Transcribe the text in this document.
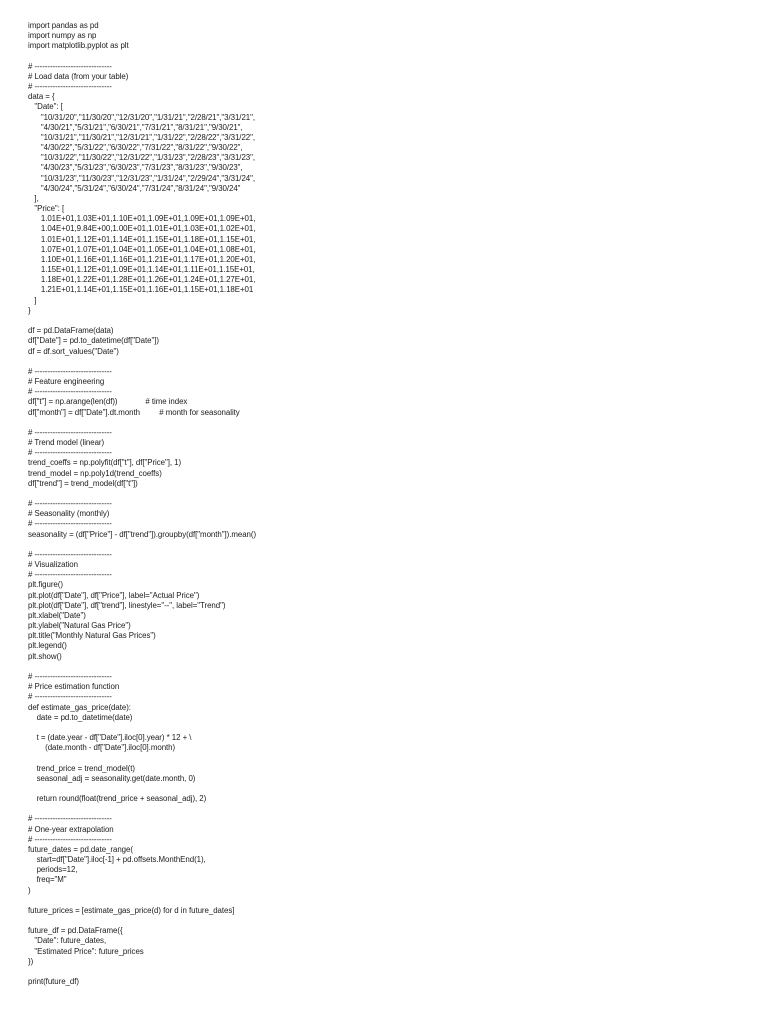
import pandas as pd
import numpy as np
import matplotlib.pyplot as plt
# ------------------------------
# Load data (from your table)
# ------------------------------
data = {
"Date": [
"10/31/20","11/30/20","12/31/20","1/31/21","2/28/21","3/31/21",
"4/30/21","5/31/21","6/30/21","7/31/21","8/31/21","9/30/21",
"10/31/21","11/30/21","12/31/21","1/31/22","2/28/22","3/31/22",
"4/30/22","5/31/22","6/30/22","7/31/22","8/31/22","9/30/22",
"10/31/22","11/30/22","12/31/22","1/31/23","2/28/23","3/31/23",
"4/30/23","5/31/23","6/30/23","7/31/23","8/31/23","9/30/23",
"10/31/23","11/30/23","12/31/23","1/31/24","2/29/24","3/31/24",
"4/30/24","5/31/24","6/30/24","7/31/24","8/31/24","9/30/24"
],
"Price": [
1.01E+01,1.03E+01,1.10E+01,1.09E+01,1.09E+01,1.09E+01,
1.04E+01,9.84E+00,1.00E+01,1.01E+01,1.03E+01,1.02E+01,
1.01E+01,1.12E+01,1.14E+01,1.15E+01,1.18E+01,1.15E+01,
1.07E+01,1.07E+01,1.04E+01,1.05E+01,1.04E+01,1.08E+01,
1.10E+01,1.16E+01,1.16E+01,1.21E+01,1.17E+01,1.20E+01,
1.15E+01,1.12E+01,1.09E+01,1.14E+01,1.11E+01,1.15E+01,
1.18E+01,1.22E+01,1.28E+01,1.26E+01,1.24E+01,1.27E+01,
1.21E+01,1.14E+01,1.15E+01,1.16E+01,1.15E+01,1.18E+01
]
}
df = pd.DataFrame(data)
df["Date"] = pd.to_datetime(df["Date"])
df = df.sort_values("Date")
# ------------------------------
# Feature engineering
# ------------------------------
df["t"] = np.arange(len(df))             # time index
df["month"] = df["Date"].dt.month         # month for seasonality
# ------------------------------
# Trend model (linear)
# ------------------------------
trend_coeffs = np.polyfit(df["t"], df["Price"], 1)
trend_model = np.poly1d(trend_coeffs)
df["trend"] = trend_model(df["t"])
# ------------------------------
# Seasonality (monthly)
# ------------------------------
seasonality = (df["Price"] - df["trend"]).groupby(df["month"]).mean()
# ------------------------------
# Visualization
# ------------------------------
plt.figure()
plt.plot(df["Date"], df["Price"], label="Actual Price")
plt.plot(df["Date"], df["trend"], linestyle="--", label="Trend")
plt.xlabel("Date")
plt.ylabel("Natural Gas Price")
plt.title("Monthly Natural Gas Prices")
plt.legend()
plt.show()
# ------------------------------
# Price estimation function
# ------------------------------
def estimate_gas_price(date):
date = pd.to_datetime(date)
t = (date.year - df["Date"].iloc[0].year) * 12 + \
(date.month - df["Date"].iloc[0].month)
trend_price = trend_model(t)
seasonal_adj = seasonality.get(date.month, 0)
return round(float(trend_price + seasonal_adj), 2)
# ------------------------------
# One-year extrapolation
# ------------------------------
future_dates = pd.date_range(
start=df["Date"].iloc[-1] + pd.offsets.MonthEnd(1),
periods=12,
freq="M"
)
future_prices = [estimate_gas_price(d) for d in future_dates]
future_df = pd.DataFrame({
"Date": future_dates,
"Estimated Price": future_prices
})
print(future_df)
